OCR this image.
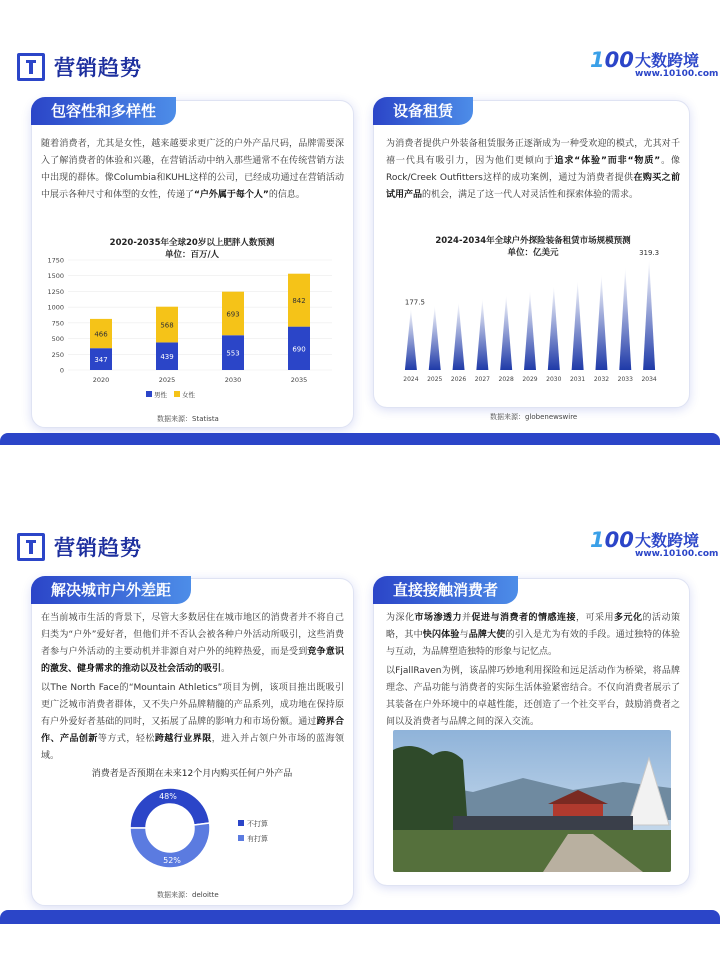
营销趋势	100 大数跨境
www.10100.com
包容性和多样性
随着消费者，尤其是女性，越来越要求更广泛的户外产品尺码，品牌需要深入了解消费者的体验和兴趣，在营销活动中纳入那些通常不在传统营销方法中出现的群体。像Columbia和KUHL这样的公司，已经成功通过在营销活动中展示各种尺寸和体型的女性，传递了“户外属于每个人”的信息。
2020-2035年全球20岁以上肥胖人数预测
单位：百万/人
0
250
500
750
1000
1250
1500
1750
347
466
2020
439
568
2025
553
693
2030
690
842
2035
男性 女性
数据来源：Statista
设备租赁
为消费者提供户外装备租赁服务正逐渐成为一种受欢迎的模式，尤其对千禧一代具有吸引力，因为他们更倾向于追求“体验”而非“物质”。像Rock/Creek Outfitters这样的成功案例，通过为消费者提供在购买之前试用产品的机会，满足了这一代人对灵活性和探索体验的需求。
2024-2034年全球户外探险装备租赁市场规模预测
单位：亿美元
2024
177.5
2025 2026 2027 2028 2029 2030 2031 2032 2033 2034
319.3
数据来源：globenewswire
营销趋势	100 大数跨境
www.10100.com
解决城市户外差距

在当前城市生活的背景下，尽管大多数居住在城市地区的消费者并不将自己归类为“户外”爱好者，但他们并不否认会被各种户外活动所吸引，这些消费者参与户外活动的主要动机并非源自对户外的纯粹热爱，而是受到竞争意识的激发、健身需求的推动以及社会活动的吸引。

以The North Face的“Mountain Athletics”项目为例，该项目推出既吸引更广泛城市消费者群体，又不失户外品牌精髓的产品系列，成功地在保持原有户外爱好者基础的同时，又拓展了品牌的影响力和市场份额。通过跨界合作、产品创新等方式，轻松跨越行业界限，进入并占领户外市场的蓝海领域。

消费者是否预期在未来12个月内购买任何户外产品
48%
不打算
52%
有打算
数据来源：deloitte
直接接触消费者

为深化市场渗透力并促进与消费者的情感连接，可采用多元化的活动策略，其中快闪体验与品牌大使的引入是尤为有效的手段。通过独特的体验与互动，为品牌塑造独特的形象与记忆点。

以FjallRaven为例，该品牌巧妙地利用探险和远足活动作为桥梁，将品牌理念、产品功能与消费者的实际生活体验紧密结合。不仅向消费者展示了其装备在户外环境中的卓越性能，还创造了一个社交平台，鼓励消费者之间以及消费者与品牌之间的深入交流。
